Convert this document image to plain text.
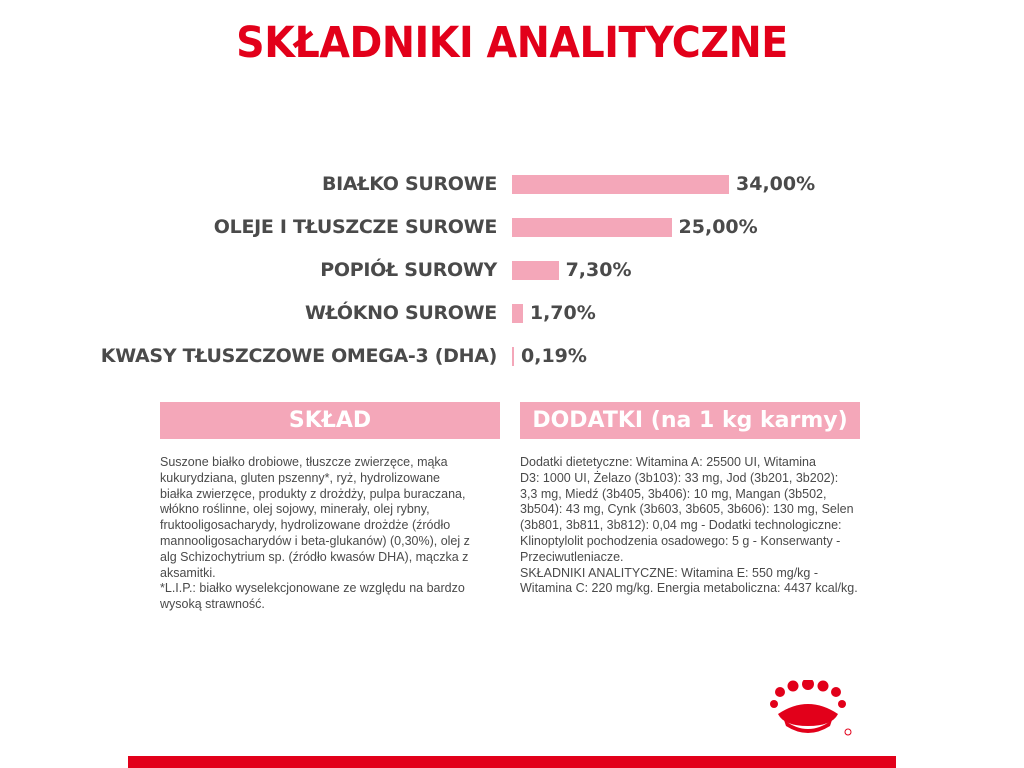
SKŁADNIKI ANALITYCZNE
BIAŁKO SUROWE	34,00%
OLEJE I TŁUSZCZE SUROWE	25,00%
POPIÓŁ SUROWY	7,30%
WŁÓKNO SUROWE 1,70%
KWASY TŁUSZCZOWE OMEGA-3 (DHA) 0,19%
SKŁAD
Suszone białko drobiowe, tłuszcze zwierzęce, mąka
kukurydziana, gluten pszenny*, ryż, hydrolizowane
białka zwierzęce, produkty z drożdży, pulpa buraczana,
włókno roślinne, olej sojowy, minerały, olej rybny,
fruktooligosacharydy, hydrolizowane drożdże (źródło
mannooligosacharydów i beta-glukanów) (0,30%), olej z
alg Schizochytrium sp. (źródło kwasów DHA), mączka z
aksamitki.
*L.I.P.: białko wyselekcjonowane ze względu na bardzo
wysoką strawność.
DODATKI (na 1 kg karmy)
Dodatki dietetyczne: Witamina A: 25500 UI, Witamina
D3: 1000 UI, Żelazo (3b103): 33 mg, Jod (3b201, 3b202):
3,3 mg, Miedź (3b405, 3b406): 10 mg, Mangan (3b502,
3b504): 43 mg, Cynk (3b603, 3b605, 3b606): 130 mg, Selen
(3b801, 3b811, 3b812): 0,04 mg - Dodatki technologiczne:
Klinoptylolit pochodzenia osadowego: 5 g - Konserwanty -
Przeciwutleniacze.
SKŁADNIKI ANALITYCZNE: Witamina E: 550 mg/kg -
Witamina C: 220 mg/kg. Energia metaboliczna: 4437 kcal/kg.
